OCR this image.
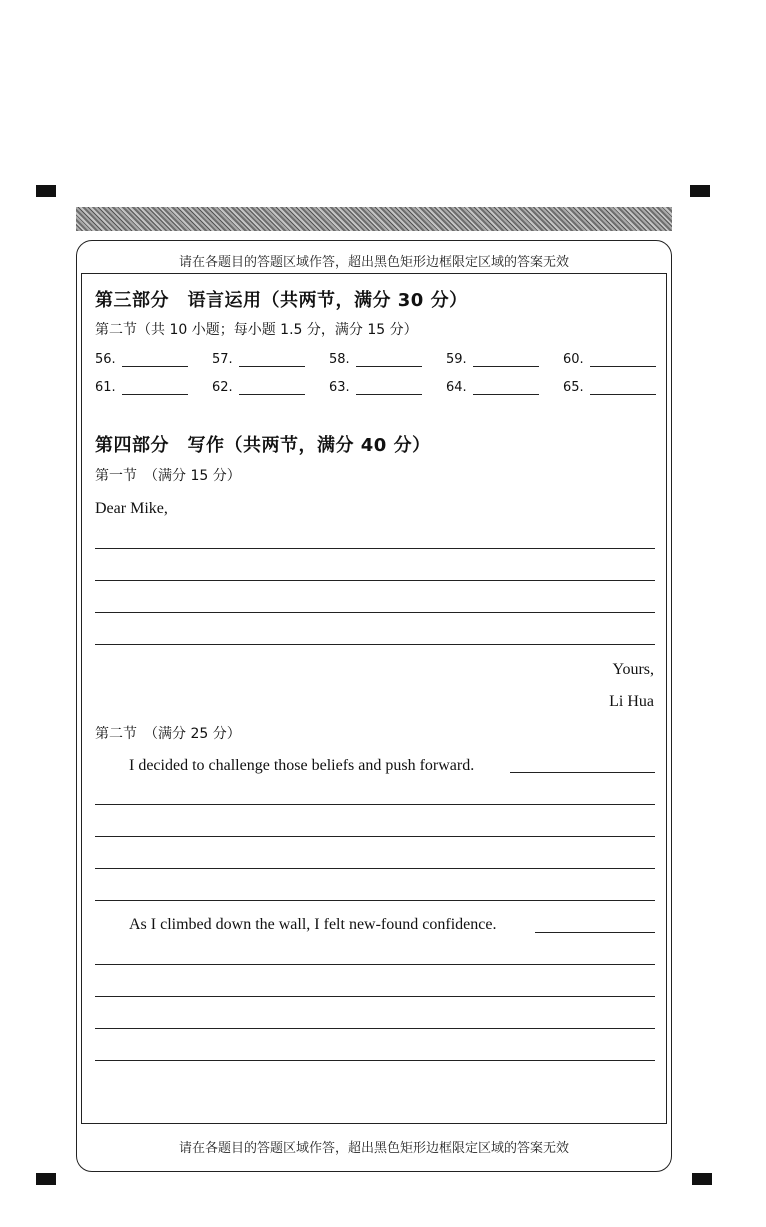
请在各题目的答题区域作答，超出黑色矩形边框限定区域的答案无效
请在各题目的答题区域作答，超出黑色矩形边框限定区域的答案无效
第三部分　语言运用（共两节，满分 30 分）
第二节（共 10 小题；每小题 1.5 分，满分 15 分）
56.	57.	58.	59.	60.
61.	62.	63.	64.	65.
第四部分　写作（共两节，满分 40 分）
第一节　（满分 15 分）
Dear Mike,
Yours,
Li Hua
第二节　（满分 25 分）
I decided to challenge those beliefs and push forward.
As I climbed down the wall, I felt new-found confidence.
